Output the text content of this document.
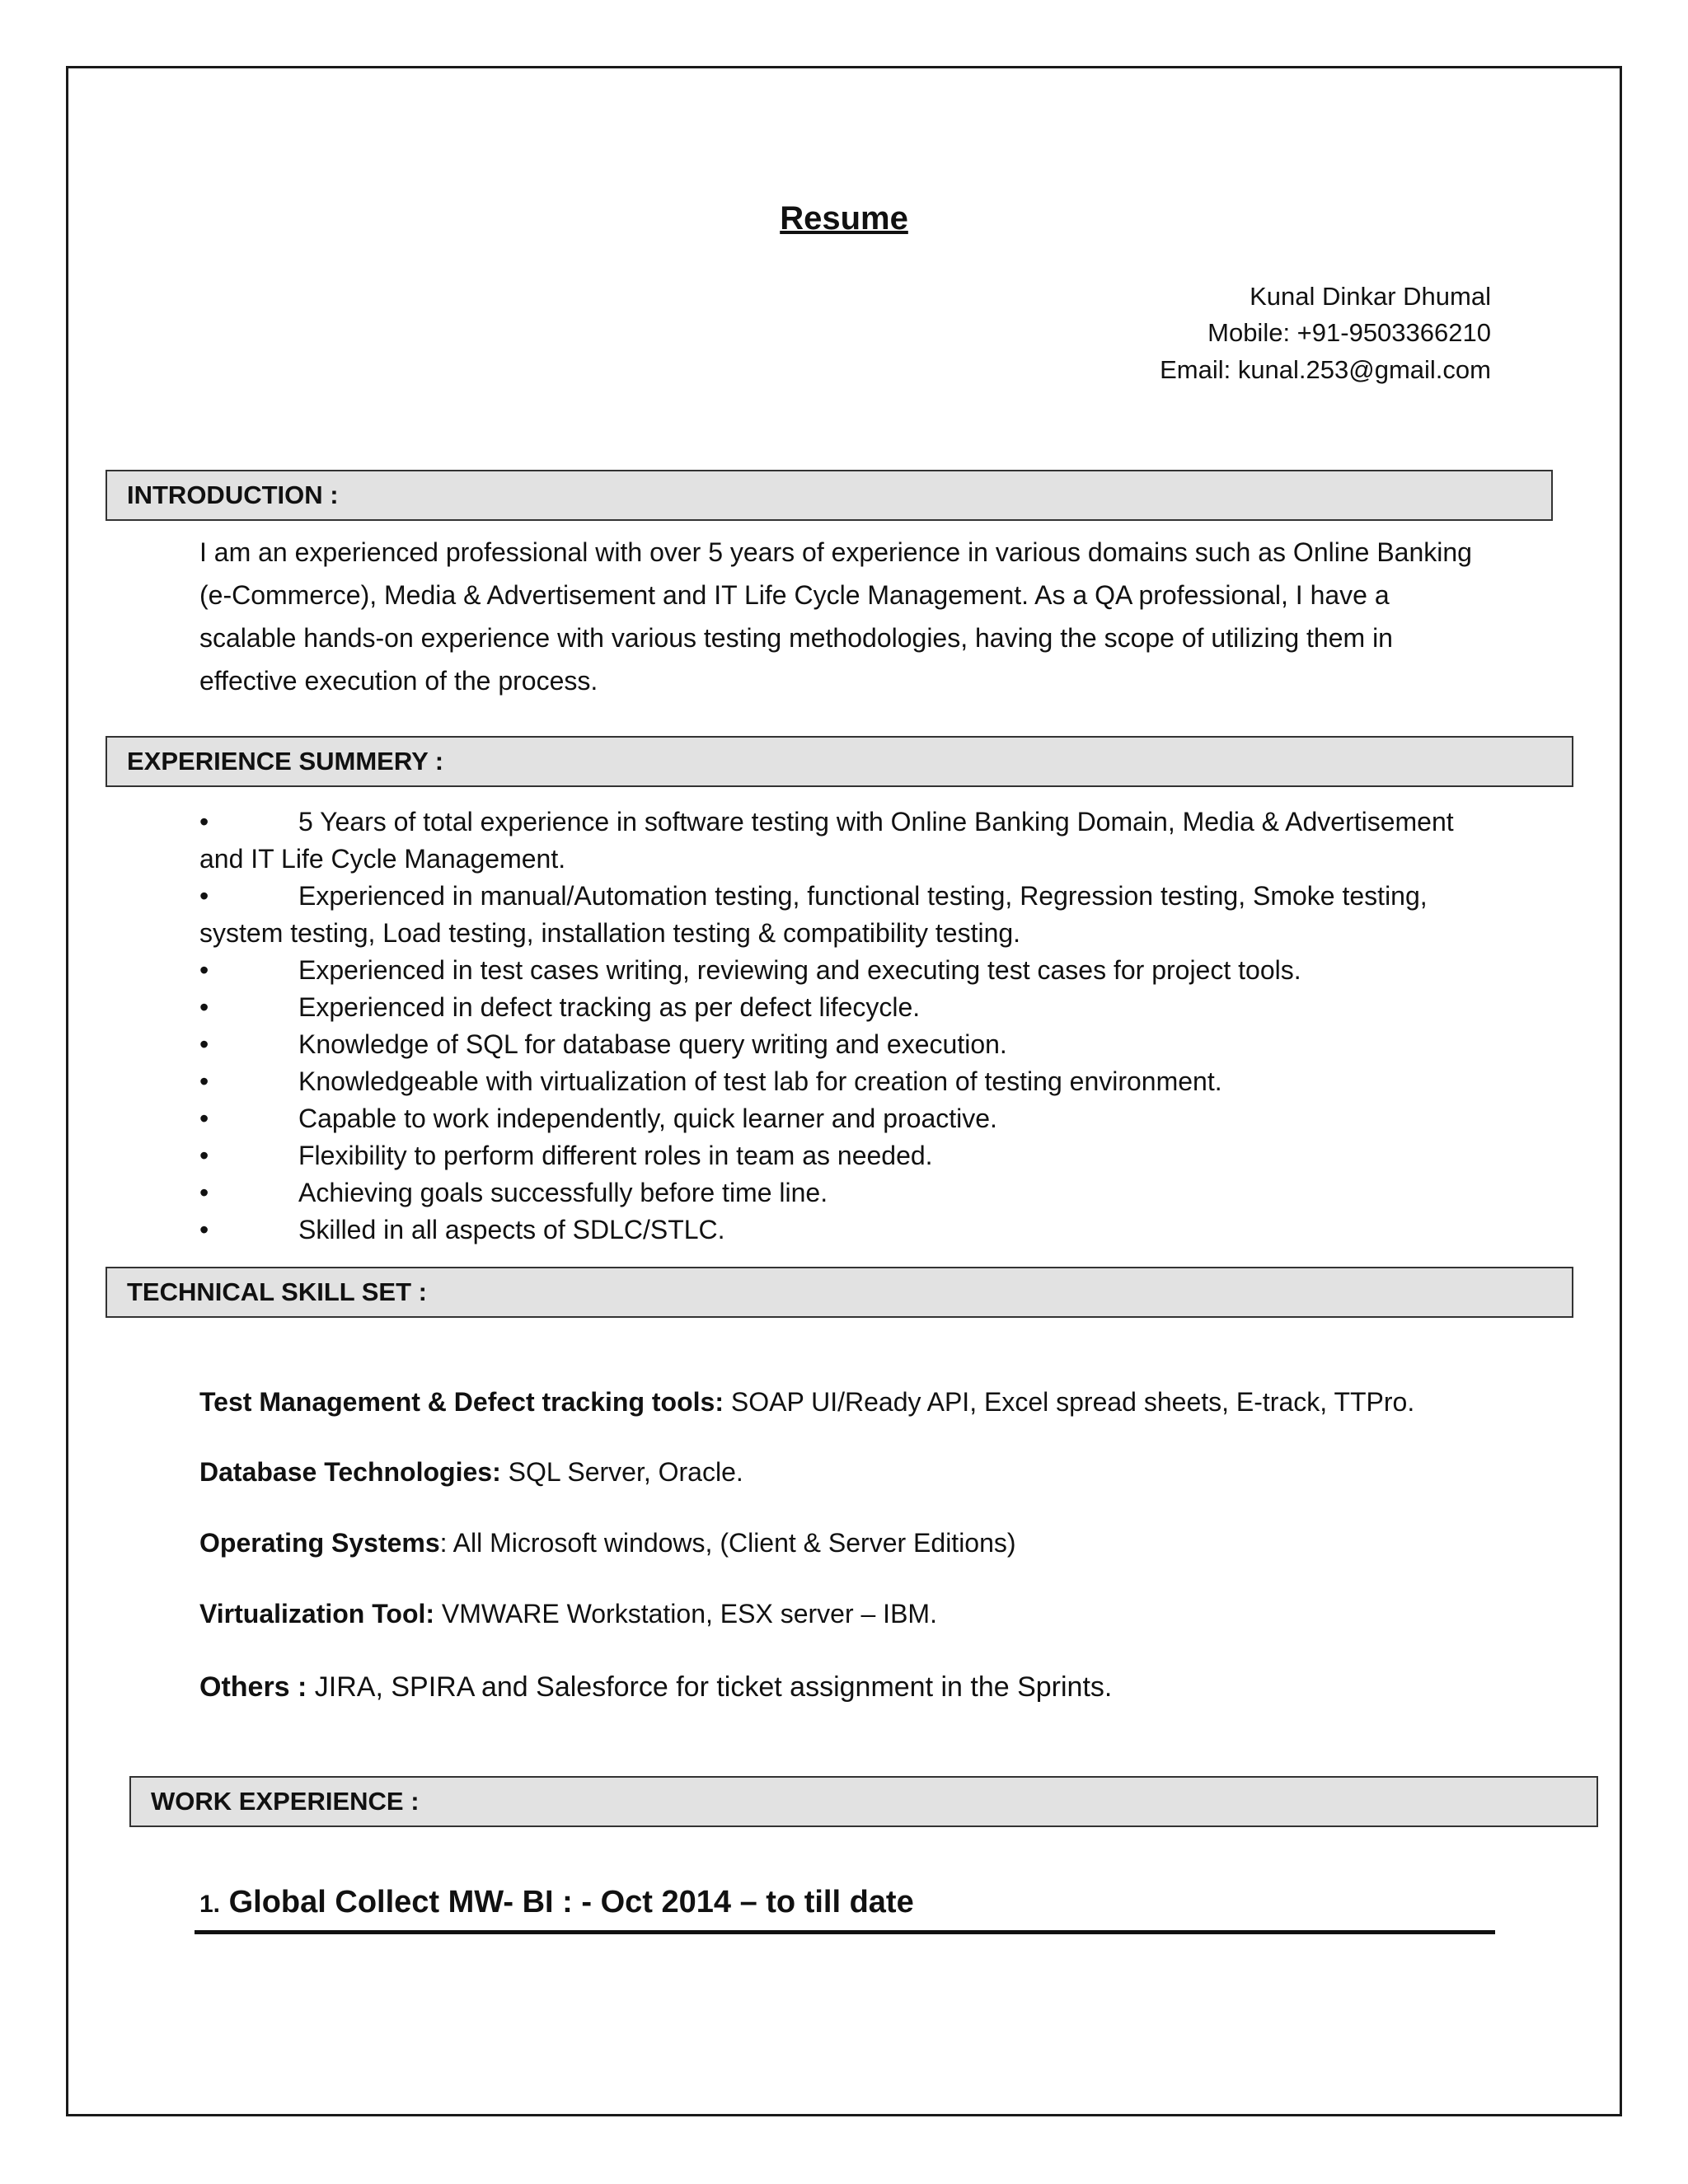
Resume
Kunal Dinkar Dhumal
Mobile: +91-9503366210
Email: kunal.253@gmail.com
INTRODUCTION :
I am an experienced professional with over 5 years of experience in various domains such as Online Banking (e-Commerce), Media & Advertisement and IT Life Cycle Management. As a QA professional, I have a scalable hands-on experience with various testing methodologies, having the scope of utilizing them in effective execution of the process.
EXPERIENCE SUMMERY :
•	5 Years of total experience in software testing with Online Banking Domain, Media & Advertisement and IT Life Cycle Management.
•	Experienced in manual/Automation testing, functional testing, Regression testing, Smoke testing, system testing, Load testing, installation testing & compatibility testing.
•	Experienced in test cases writing, reviewing and executing test cases for project tools.
•	Experienced in defect tracking as per defect lifecycle.
•	Knowledge of SQL for database query writing and execution.
•	Knowledgeable with virtualization of test lab for creation of testing environment.
•	Capable to work independently, quick learner and proactive.
•	Flexibility to perform different roles in team as needed.
•	Achieving goals successfully before time line.
•	Skilled in all aspects of SDLC/STLC.
TECHNICAL SKILL SET :
Test Management & Defect tracking tools: SOAP UI/Ready API, Excel spread sheets, E-track, TTPro.
Database Technologies: SQL Server, Oracle.
Operating Systems: All Microsoft windows, (Client & Server Editions)
Virtualization Tool: VMWARE Workstation, ESX server – IBM.
Others : JIRA, SPIRA and Salesforce for ticket assignment in the Sprints.
WORK EXPERIENCE :
1. Global Collect MW- BI : - Oct 2014 – to till date
